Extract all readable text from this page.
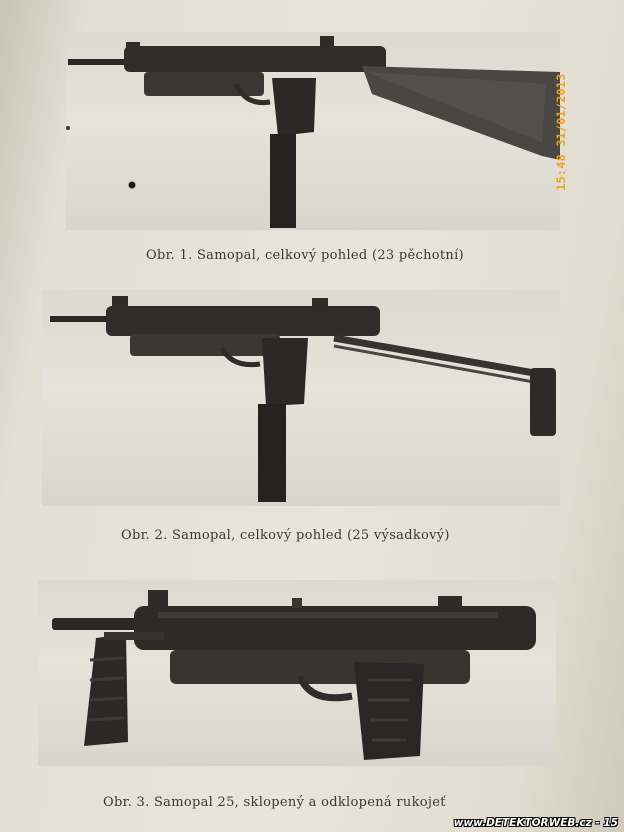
Obr. 1. Samopal, celkový pohled (23 pěchotní)
Obr. 2. Samopal, celkový pohled (25 výsadkový)
Obr. 3. Samopal 25, sklopený a odklopená rukojeť
15:48 31/01/2013
www.DETEKTORWEB.cz - 15
